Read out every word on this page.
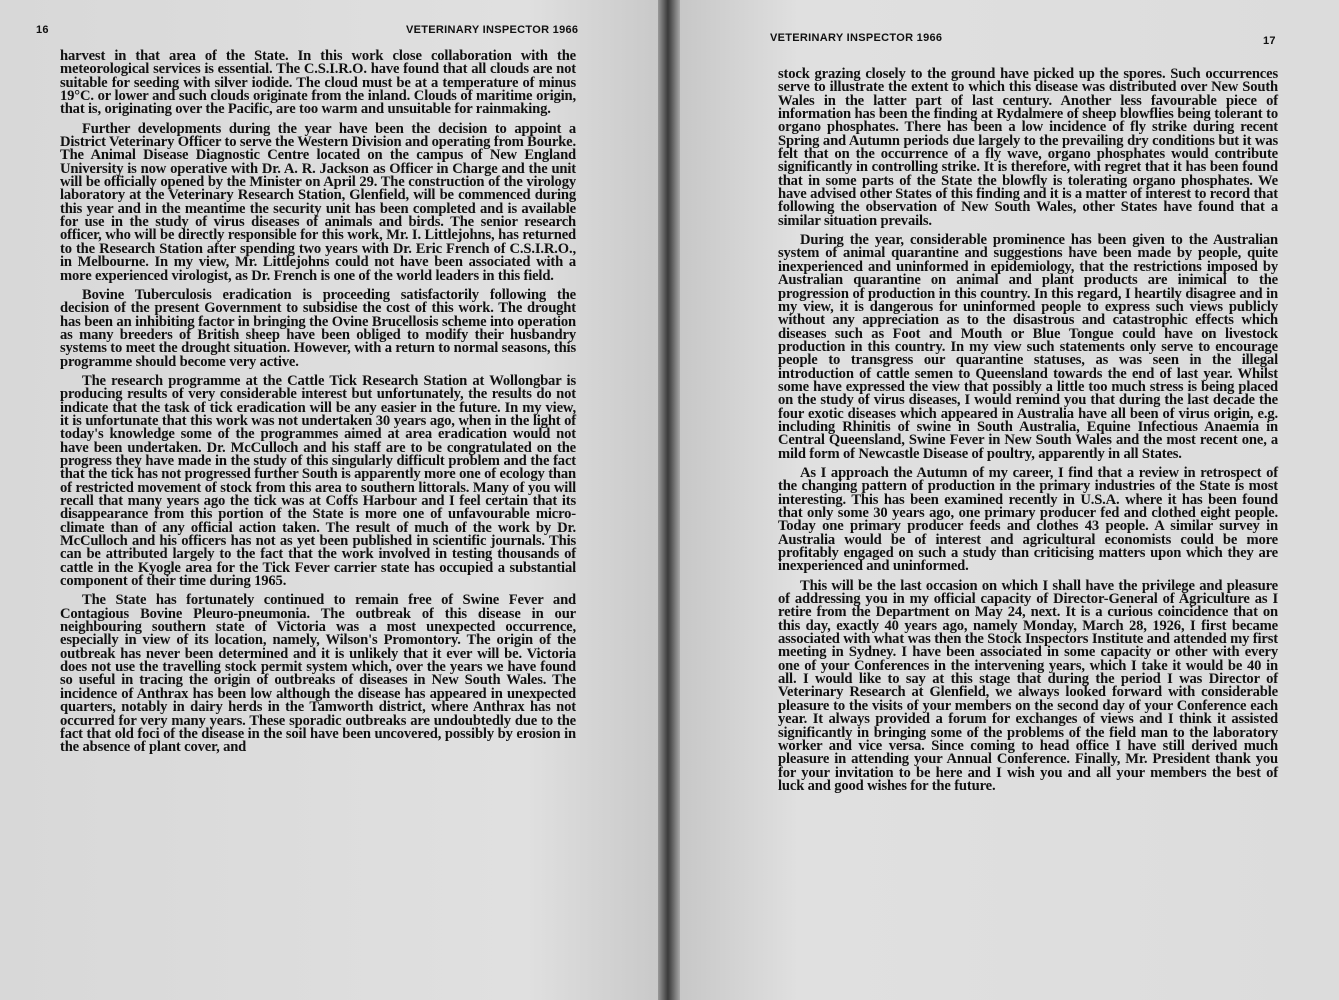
16	VETERINARY INSPECTOR 1966

harvest in that area of the State. In this work close collaboration with the meteorological services is essential. The C.S.I.R.O. have found that all clouds are not suitable for seeding with silver iodide. The cloud must be at a temperature of minus 19°C. or lower and such clouds originate from the inland. Clouds of maritime origin, that is, originating over the Pacific, are too warm and unsuitable for rainmaking.

Further developments during the year have been the decision to appoint a District Veterinary Officer to serve the Western Division and operating from Bourke. The Animal Disease Diagnostic Centre located on the campus of New England University is now operative with Dr. A. R. Jackson as Officer in Charge and the unit will be officially opened by the Minister on April 29. The construction of the virology laboratory at the Veterinary Research Station, Glenfield, will be commenced during this year and in the meantime the security unit has been completed and is available for use in the study of virus diseases of animals and birds. The senior research officer, who will be directly responsible for this work, Mr. I. Littlejohns, has returned to the Research Station after spending two years with Dr. Eric French of C.S.I.R.O., in Melbourne. In my view, Mr. Littlejohns could not have been associated with a more experienced virologist, as Dr. French is one of the world leaders in this field.

Bovine Tuberculosis eradication is proceeding satisfactorily following the decision of the present Government to subsidise the cost of this work. The drought has been an inhibiting factor in bringing the Ovine Brucellosis scheme into operation as many breeders of British sheep have been obliged to modify their husbandry systems to meet the drought situation. However, with a return to normal seasons, this programme should become very active.

The research programme at the Cattle Tick Research Station at Wollongbar is producing results of very considerable interest but unfortunately, the results do not indicate that the task of tick eradication will be any easier in the future. In my view, it is unfortunate that this work was not undertaken 30 years ago, when in the light of today's knowledge some of the programmes aimed at area eradication would not have been undertaken. Dr. McCulloch and his staff are to be congratulated on the progress they have made in the study of this singularly difficult problem and the fact that the tick has not progressed further South is apparently more one of ecology than of restricted movement of stock from this area to southern littorals. Many of you will recall that many years ago the tick was at Coffs Harbour and I feel certain that its disappearance from this portion of the State is more one of unfavourable micro-climate than of any official action taken. The result of much of the work by Dr. McCulloch and his officers has not as yet been published in scientific journals. This can be attributed largely to the fact that the work involved in testing thousands of cattle in the Kyogle area for the Tick Fever carrier state has occupied a substantial component of their time during 1965.

The State has fortunately continued to remain free of Swine Fever and Contagious Bovine Pleuro-pneumonia. The outbreak of this disease in our neighbouring southern state of Victoria was a most unexpected occurrence, especially in view of its location, namely, Wilson's Promontory. The origin of the outbreak has never been determined and it is unlikely that it ever will be. Victoria does not use the travelling stock permit system which, over the years we have found so useful in tracing the origin of outbreaks of diseases in New South Wales. The incidence of Anthrax has been low although the disease has appeared in unexpected quarters, notably in dairy herds in the Tamworth district, where Anthrax has not occurred for very many years. These sporadic outbreaks are undoubtedly due to the fact that old foci of the disease in the soil have been uncovered, possibly by erosion in the absence of plant cover, and

VETERINARY INSPECTOR 1966	17

stock grazing closely to the ground have picked up the spores. Such occurrences serve to illustrate the extent to which this disease was distributed over New South Wales in the latter part of last century. Another less favourable piece of information has been the finding at Rydalmere of sheep blowflies being tolerant to organo phosphates. There has been a low incidence of fly strike during recent Spring and Autumn periods due largely to the prevailing dry conditions but it was felt that on the occurrence of a fly wave, organo phosphates would contribute significantly in controlling strike. It is therefore, with regret that it has been found that in some parts of the State the blowfly is tolerating organo phosphates. We have advised other States of this finding and it is a matter of interest to record that following the observation of New South Wales, other States have found that a similar situation prevails.

During the year, considerable prominence has been given to the Australian system of animal quarantine and suggestions have been made by people, quite inexperienced and uninformed in epidemiology, that the restrictions imposed by Australian quarantine on animal and plant products are inimical to the progression of production in this country. In this regard, I heartily disagree and in my view, it is dangerous for uninformed people to express such views publicly without any appreciation as to the disastrous and catastrophic effects which diseases such as Foot and Mouth or Blue Tongue could have on livestock production in this country. In my view such statements only serve to encourage people to transgress our quarantine statuses, as was seen in the illegal introduction of cattle semen to Queensland towards the end of last year. Whilst some have expressed the view that possibly a little too much stress is being placed on the study of virus diseases, I would remind you that during the last decade the four exotic diseases which appeared in Australia have all been of virus origin, e.g. including Rhinitis of swine in South Australia, Equine Infectious Anaemia in Central Queensland, Swine Fever in New South Wales and the most recent one, a mild form of Newcastle Disease of poultry, apparently in all States.

As I approach the Autumn of my career, I find that a review in retrospect of the changing pattern of production in the primary industries of the State is most interesting. This has been examined recently in U.S.A. where it has been found that only some 30 years ago, one primary producer fed and clothed eight people. Today one primary producer feeds and clothes 43 people. A similar survey in Australia would be of interest and agricultural economists could be more profitably engaged on such a study than criticising matters upon which they are inexperienced and uninformed.

This will be the last occasion on which I shall have the privilege and pleasure of addressing you in my official capacity of Director-General of Agriculture as I retire from the Department on May 24, next. It is a curious coincidence that on this day, exactly 40 years ago, namely Monday, March 28, 1926, I first became associated with what was then the Stock Inspectors Institute and attended my first meeting in Sydney. I have been associated in some capacity or other with every one of your Conferences in the intervening years, which I take it would be 40 in all. I would like to say at this stage that during the period I was Director of Veterinary Research at Glenfield, we always looked forward with considerable pleasure to the visits of your members on the second day of your Conference each year. It always provided a forum for exchanges of views and I think it assisted significantly in bringing some of the problems of the field man to the laboratory worker and vice versa. Since coming to head office I have still derived much pleasure in attending your Annual Conference. Finally, Mr. President thank you for your invitation to be here and I wish you and all your members the best of luck and good wishes for the future.
